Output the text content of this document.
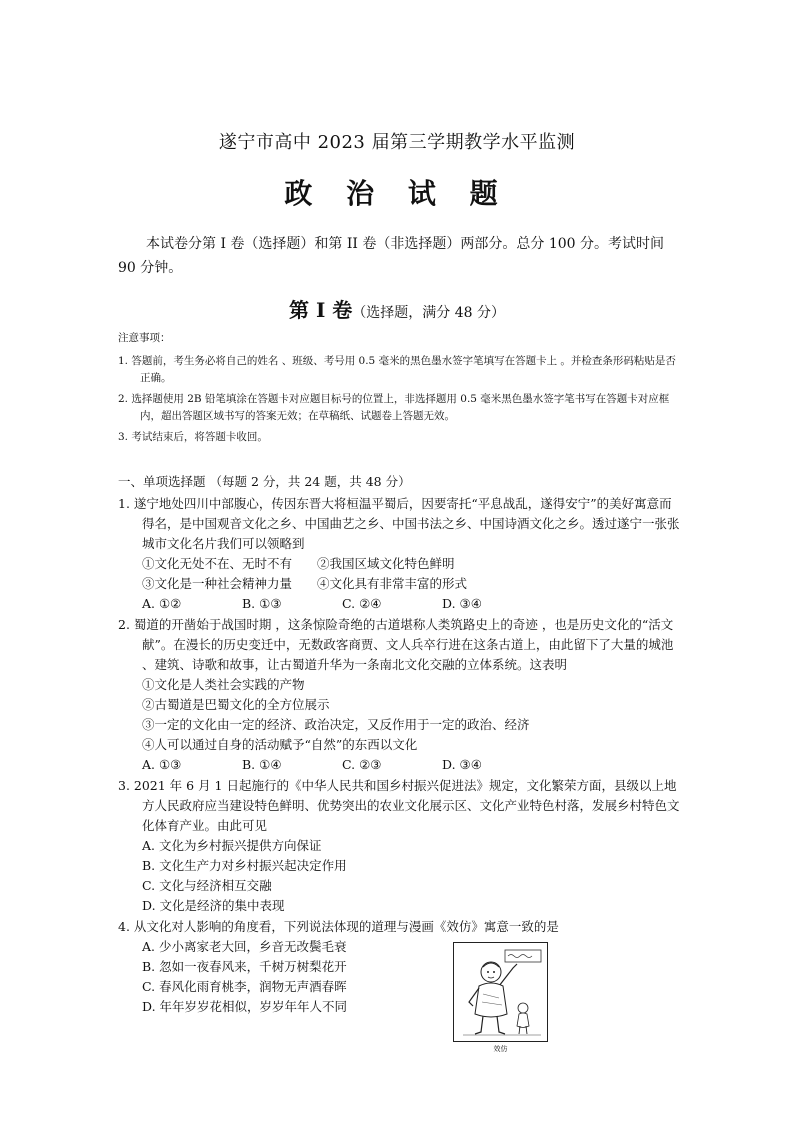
遂宁市高中 2023 届第三学期教学水平监测
政 治 试 题
本试卷分第 I 卷（选择题）和第 II 卷（非选择题）两部分。总分 100 分。考试时间 90 分钟。
第 Ⅰ 卷（选择题，满分 48 分）
注意事项：
1. 答题前，考生务必将自己的姓名 、班级、考号用 0.5 毫米的黑色墨水签字笔填写在答题卡上 。并检查条形码粘贴是否正确。
2. 选择题使用 2B 铅笔填涂在答题卡对应题目标号的位置上，非选择题用 0.5 毫米黑色墨水签字笔书写在答题卡对应框内，超出答题区域书写的答案无效；在草稿纸、试题卷上答题无效。
3. 考试结束后，将答题卡收回。
一、单项选择题 （每题 2 分，共 24 题，共 48 分）
1. 遂宁地处四川中部腹心，传因东晋大将桓温平蜀后，因要寄托“平息战乱，遂得安宁”的美好寓意而得名，是中国观音文化之乡、中国曲艺之乡、中国书法之乡、中国诗酒文化之乡。透过遂宁一张张城市文化名片我们可以领略到
①文化无处不在、无时不有	②我国区域文化特色鲜明
③文化是一种社会精神力量	④文化具有非常丰富的形式
A. ①②	B. ①③	C. ②④	D. ③④
2. 蜀道的开凿始于战国时期 ，这条惊险奇绝的古道堪称人类筑路史上的奇迹 ，也是历史文化的“活文献”。在漫长的历史变迁中，无数政客商贾、文人兵卒行进在这条古道上，由此留下了大量的城池 、建筑、诗歌和故事，让古蜀道升华为一条南北文化交融的立体系统。这表明
①文化是人类社会实践的产物
②古蜀道是巴蜀文化的全方位展示
③一定的文化由一定的经济、政治决定，又反作用于一定的政治、经济
④人可以通过自身的活动赋予“自然”的东西以文化
A. ①③	B. ①④	C. ②③	D. ③④
3. 2021 年 6 月 1 日起施行的《中华人民共和国乡村振兴促进法》规定，文化繁荣方面，县级以上地方人民政府应当建设特色鲜明、优势突出的农业文化展示区、文化产业特色村落，发展乡村特色文化体育产业。由此可见
A. 文化为乡村振兴提供方向保证
B. 文化生产力对乡村振兴起决定作用
C. 文化与经济相互交融
D. 文化是经济的集中表现
4. 从文化对人影响的角度看，下列说法体现的道理与漫画《效仿》寓意一致的是
A. 少小离家老大回，乡音无改鬓毛衰
B. 忽如一夜春风来，千树万树梨花开
C. 春风化雨育桃李，润物无声酒春晖
D. 年年岁岁花相似，岁岁年年人不同
效仿
